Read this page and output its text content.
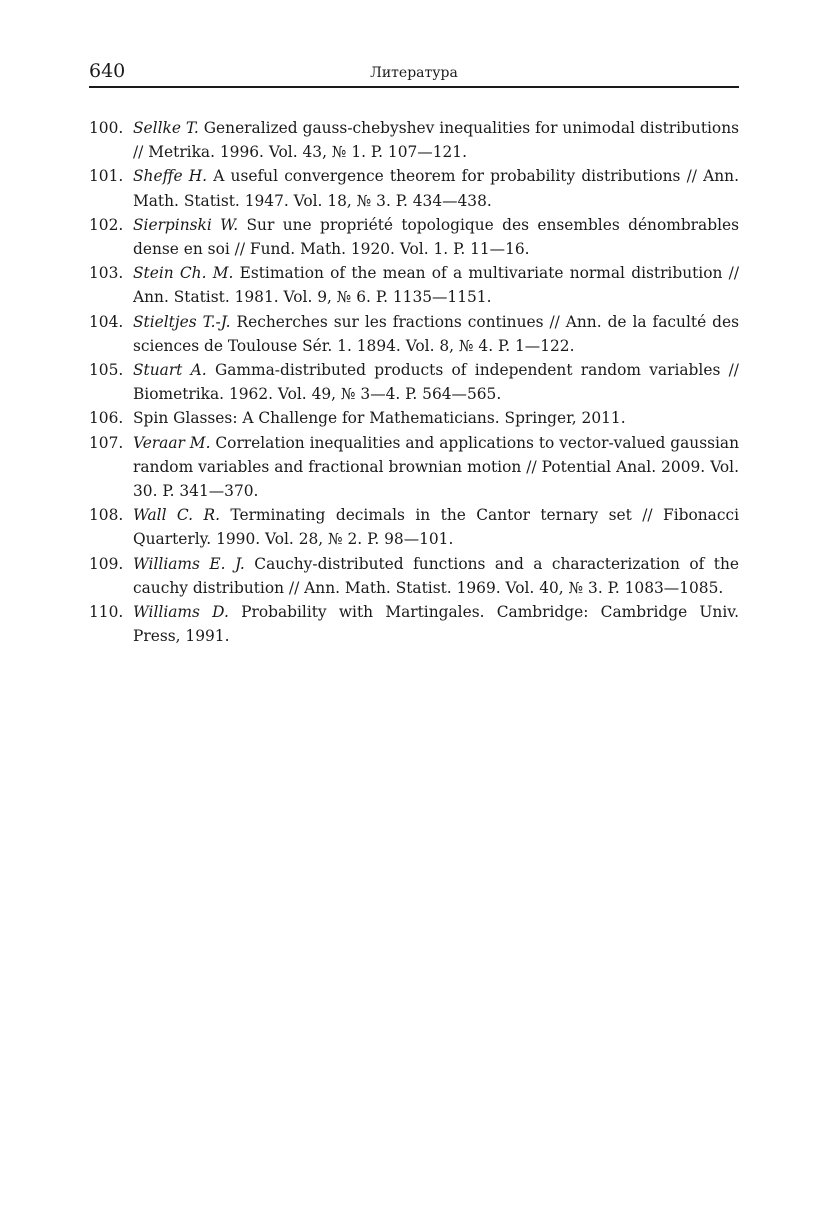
640	Литература
100. Sellke T. Generalized gauss-chebyshev inequalities for unimodal distributions // Metrika. 1996. Vol. 43, № 1. P. 107—121.
101. Sheffe H. A useful convergence theorem for probability distributions // Ann. Math. Statist. 1947. Vol. 18, № 3. P. 434—438.
102. Sierpinski W. Sur une propriété topologique des ensembles dénombrables dense en soi // Fund. Math. 1920. Vol. 1. P. 11—16.
103. Stein Ch. M. Estimation of the mean of a multivariate normal distribution // Ann. Statist. 1981. Vol. 9, № 6. P. 1135—1151.
104. Stieltjes T.-J. Recherches sur les fractions continues // Ann. de la faculté des sciences de Toulouse Sér. 1. 1894. Vol. 8, № 4. P. 1—122.
105. Stuart A. Gamma-distributed products of independent random variables // Biometrika. 1962. Vol. 49, № 3—4. P. 564—565.
106. Spin Glasses: A Challenge for Mathematicians. Springer, 2011.
107. Veraar M. Correlation inequalities and applications to vector-valued gaussian random variables and fractional brownian motion // Potential Anal. 2009. Vol. 30. P. 341—370.
108. Wall C. R. Terminating decimals in the Cantor ternary set // Fibonacci Quarterly. 1990. Vol. 28, № 2. P. 98—101.
109. Williams E. J. Cauchy-distributed functions and a characterization of the cauchy distribution // Ann. Math. Statist. 1969. Vol. 40, № 3. P. 1083—1085.
110. Williams D. Probability with Martingales. Cambridge: Cambridge Univ. Press, 1991.
